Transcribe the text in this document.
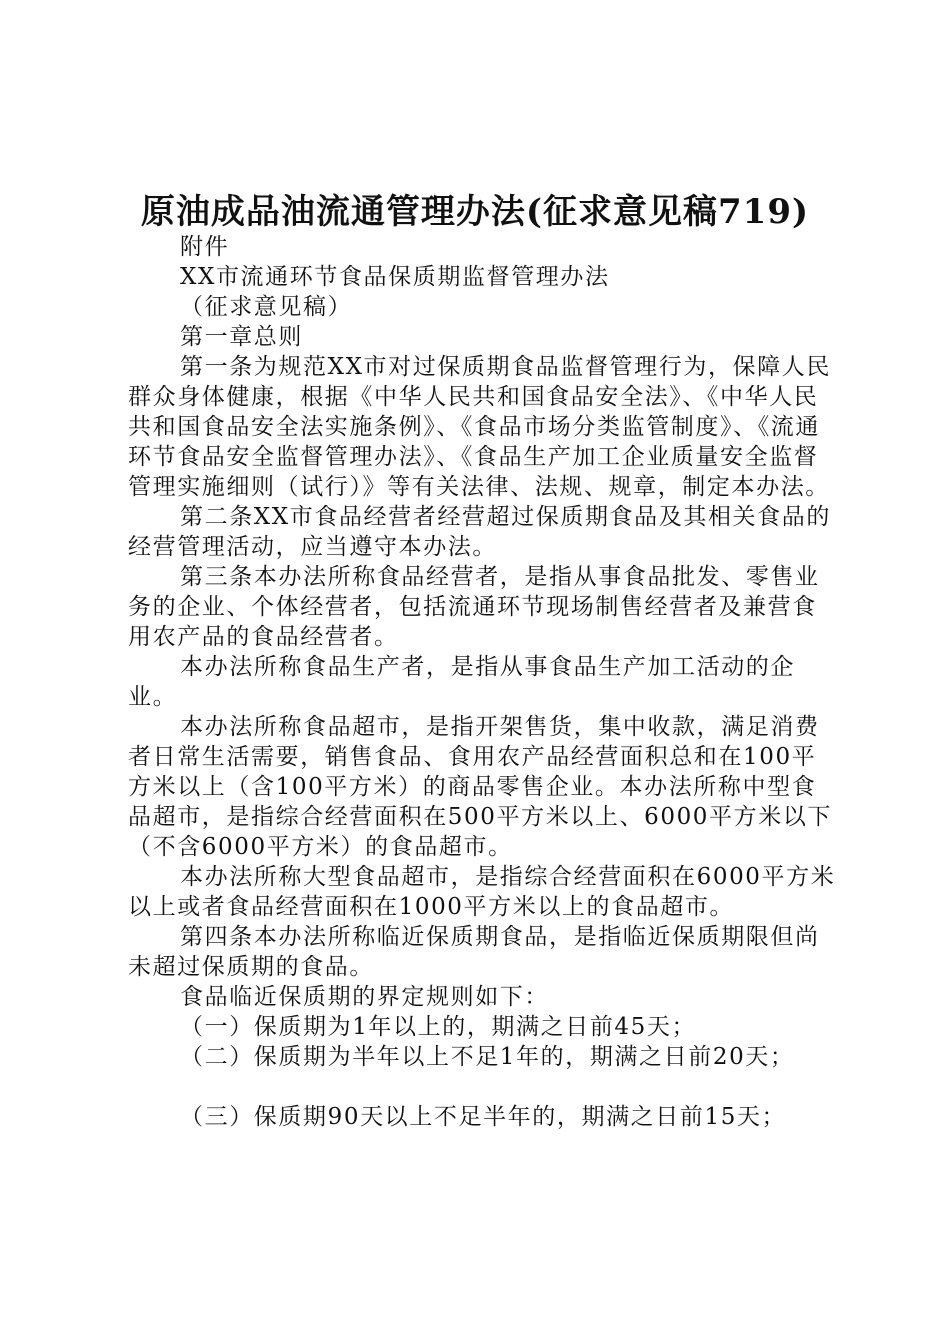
原油成品油流通管理办法(征求意见稿719)

附件

XX市流通环节食品保质期监督管理办法

（征求意见稿）

第一章总则

第一条为规范XX市对过保质期食品监督管理行为，保障人民群众身体健康，根据《中华人民共和国食品安全法》、《中华人民共和国食品安全法实施条例》、《食品市场分类监管制度》、《流通环节食品安全监督管理办法》、《食品生产加工企业质量安全监督管理实施细则（试行）》等有关法律、法规、规章，制定本办法。

第二条XX市食品经营者经营超过保质期食品及其相关食品的经营管理活动，应当遵守本办法。

第三条本办法所称食品经营者，是指从事食品批发、零售业务的企业、个体经营者，包括流通环节现场制售经营者及兼营食用农产品的食品经营者。

本办法所称食品生产者，是指从事食品生产加工活动的企业。

本办法所称食品超市，是指开架售货，集中收款，满足消费者日常生活需要，销售食品、食用农产品经营面积总和在100平方米以上（含100平方米）的商品零售企业。本办法所称中型食品超市，是指综合经营面积在500平方米以上、6000平方米以下（不含6000平方米）的食品超市。

本办法所称大型食品超市，是指综合经营面积在6000平方米以上或者食品经营面积在1000平方米以上的食品超市。

第四条本办法所称临近保质期食品，是指临近保质期限但尚未超过保质期的食品。

食品临近保质期的界定规则如下：

（一）保质期为1年以上的，期满之日前45天；

（二）保质期为半年以上不足1年的，期满之日前20天；

（三）保质期90天以上不足半年的，期满之日前15天；
